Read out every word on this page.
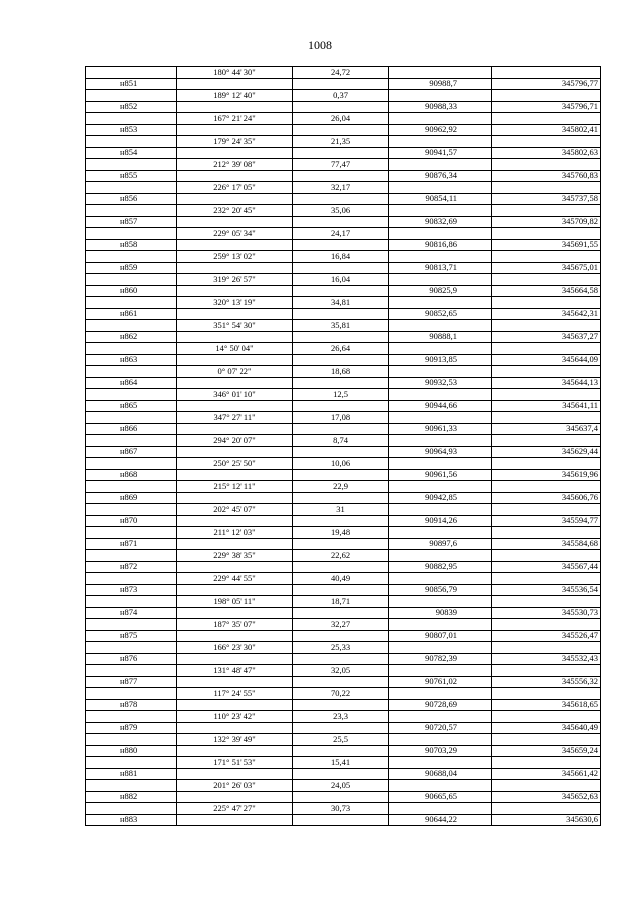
1008
	180° 44' 30"	24,72		
н851			90988,7	345796,77
	189° 12' 40"	0,37		
н852			90988,33	345796,71
	167° 21' 24"	26,04		
н853			90962,92	345802,41
	179° 24' 35"	21,35		
н854			90941,57	345802,63
	212° 39' 08"	77,47		
н855			90876,34	345760,83
	226° 17' 05"	32,17		
н856			90854,11	345737,58
	232° 20' 45"	35,06		
н857			90832,69	345709,82
	229° 05' 34"	24,17		
н858			90816,86	345691,55
	259° 13' 02"	16,84		
н859			90813,71	345675,01
	319° 26' 57"	16,04		
н860			90825,9	345664,58
	320° 13' 19"	34,81		
н861			90852,65	345642,31
	351° 54' 30"	35,81		
н862			90888,1	345637,27
	14° 50' 04"	26,64		
н863			90913,85	345644,09
	0° 07' 22"	18,68		
н864			90932,53	345644,13
	346° 01' 10"	12,5		
н865			90944,66	345641,11
	347° 27' 11"	17,08		
н866			90961,33	345637,4
	294° 20' 07"	8,74		
н867			90964,93	345629,44
	250° 25' 50"	10,06		
н868			90961,56	345619,96
	215° 12' 11"	22,9		
н869			90942,85	345606,76
	202° 45' 07"	31		
н870			90914,26	345594,77
	211° 12' 03"	19,48		
н871			90897,6	345584,68
	229° 38' 35"	22,62		
н872			90882,95	345567,44
	229° 44' 55"	40,49		
н873			90856,79	345536,54
	198° 05' 11"	18,71		
н874			90839	345530,73
	187° 35' 07"	32,27		
н875			90807,01	345526,47
	166° 23' 30"	25,33		
н876			90782,39	345532,43
	131° 48' 47"	32,05		
н877			90761,02	345556,32
	117° 24' 55"	70,22		
н878			90728,69	345618,65
	110° 23' 42"	23,3		
н879			90720,57	345640,49
	132° 39' 49"	25,5		
н880			90703,29	345659,24
	171° 51' 53"	15,41		
н881			90688,04	345661,42
	201° 26' 03"	24,05		
н882			90665,65	345652,63
	225° 47' 27"	30,73		
н883			90644,22	345630,6
